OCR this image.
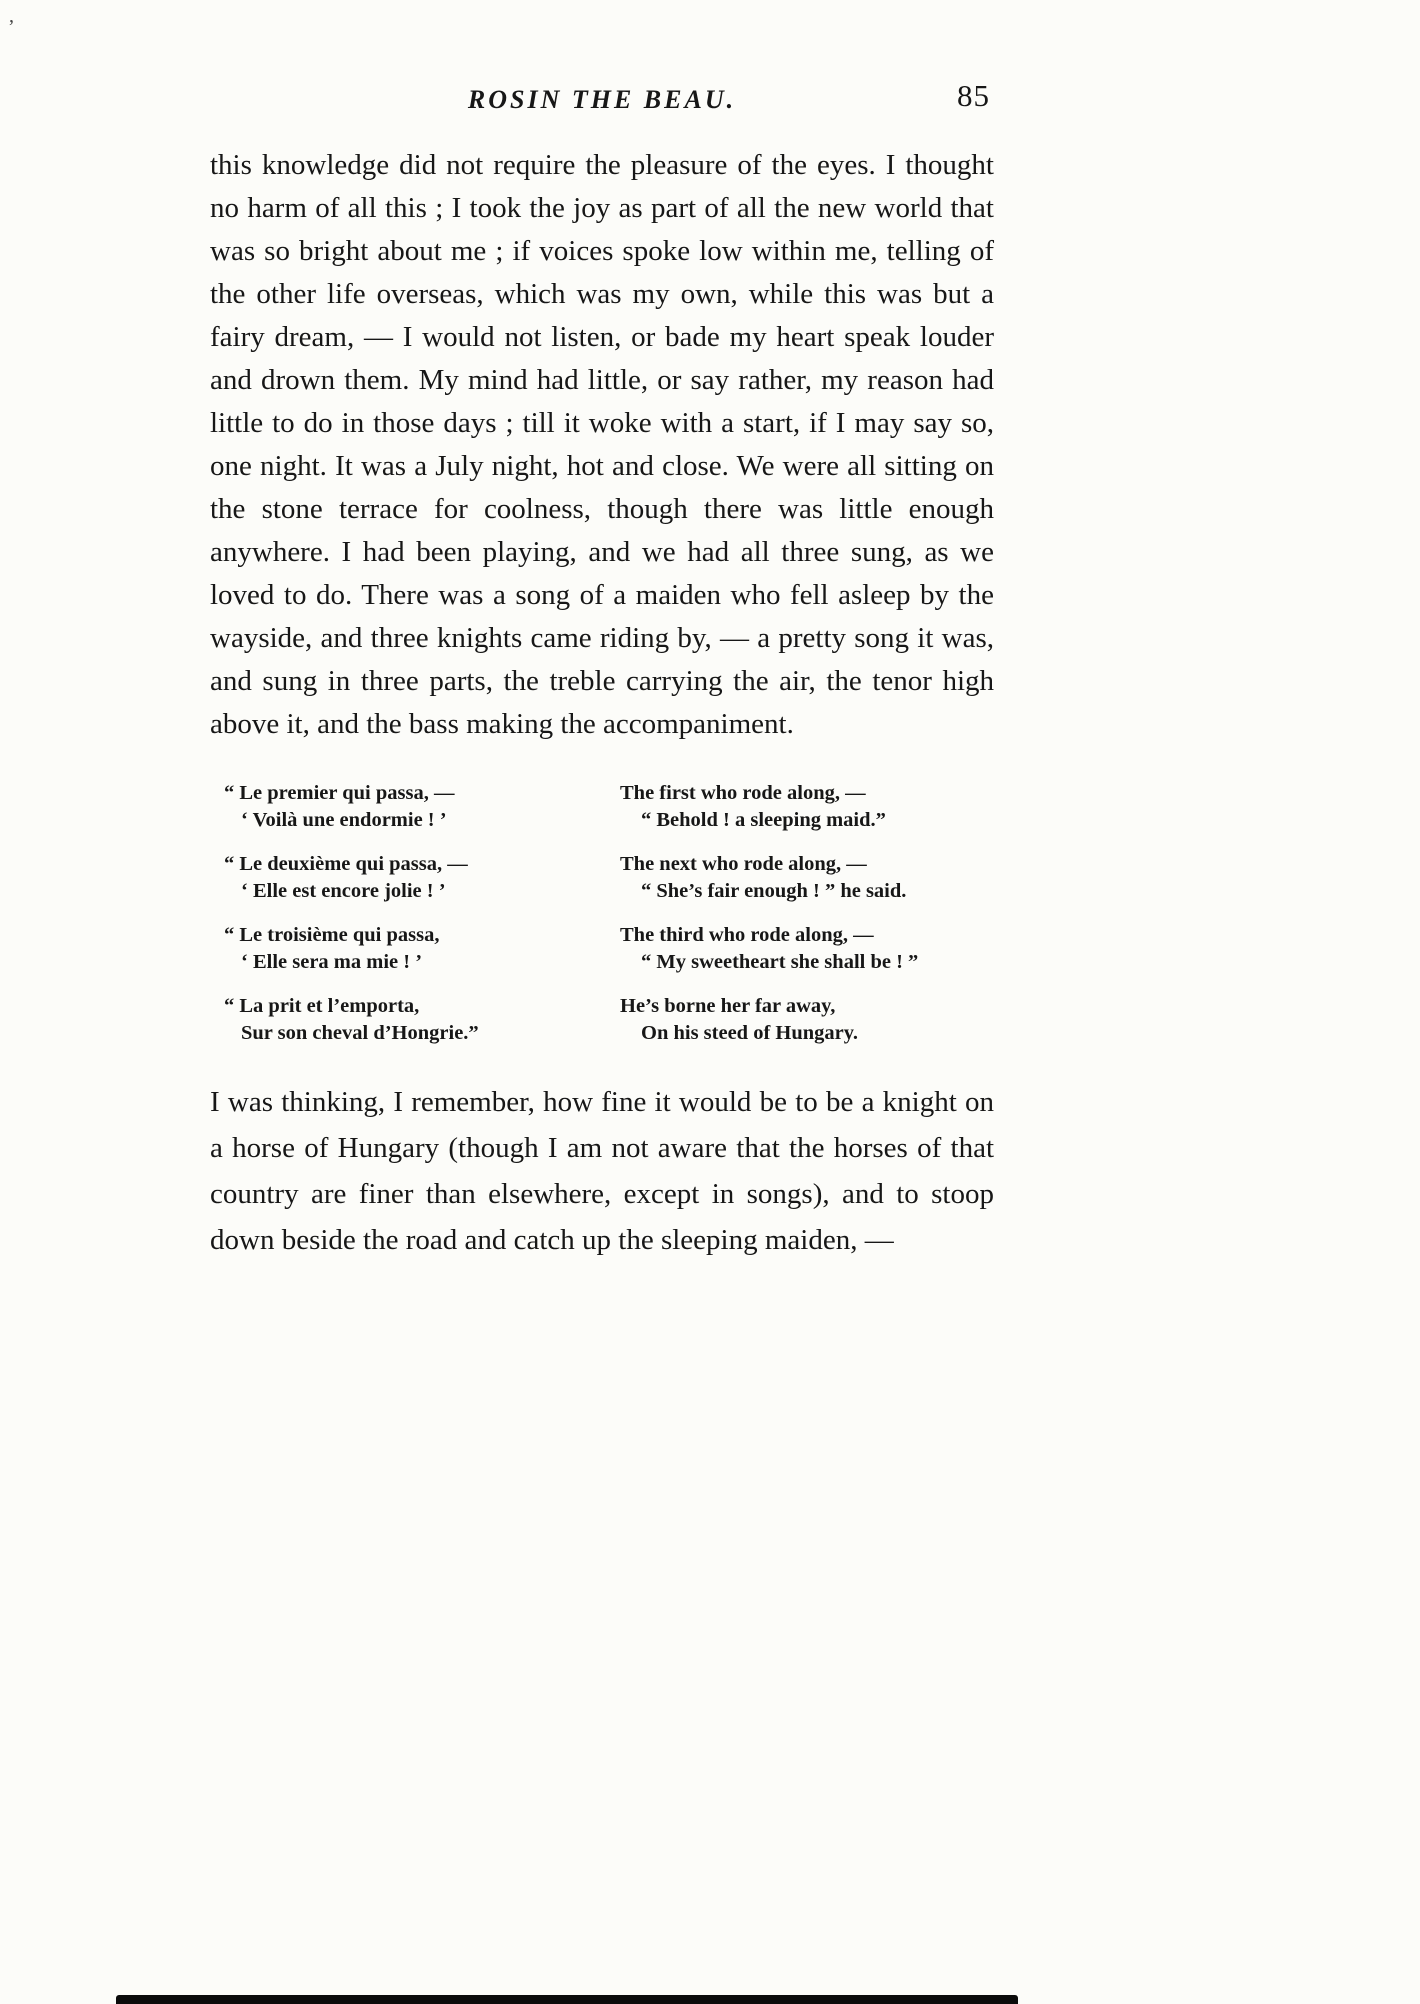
’
ROSIN THE BEAU.	85

this knowledge did not require the pleasure of the eyes. I thought no harm of all this ; I took the joy as part of all the new world that was so bright about me ; if voices spoke low within me, telling of the other life overseas, which was my own, while this was but a fairy dream, — I would not listen, or bade my heart speak louder and drown them. My mind had little, or say rather, my reason had little to do in those days ; till it woke with a start, if I may say so, one night. It was a July night, hot and close. We were all sitting on the stone terrace for coolness, though there was little enough anywhere. I had been playing, and we had all three sung, as we loved to do. There was a song of a maiden who fell asleep by the wayside, and three knights came riding by, — a pretty song it was, and sung in three parts, the treble carrying the air, the tenor high above it, and the bass making the accompaniment.

“ Le premier qui passa, —
‘ Voilà une endormie ! ’
The first who rode along, —
“ Behold ! a sleeping maid.”
“ Le deuxième qui passa, —
‘ Elle est encore jolie ! ’
The next who rode along, —
“ She’s fair enough ! ” he said.
“ Le troisième qui passa,
‘ Elle sera ma mie ! ’
The third who rode along, —
“ My sweetheart she shall be ! ”
“ La prit et l’emporta,
Sur son cheval d’Hongrie.”
He’s borne her far away,
On his steed of Hungary.

I was thinking, I remember, how fine it would be to be a knight on a horse of Hungary (though I am not aware that the horses of that country are finer than elsewhere, except in songs), and to stoop down beside the road and catch up the sleeping maiden, —
